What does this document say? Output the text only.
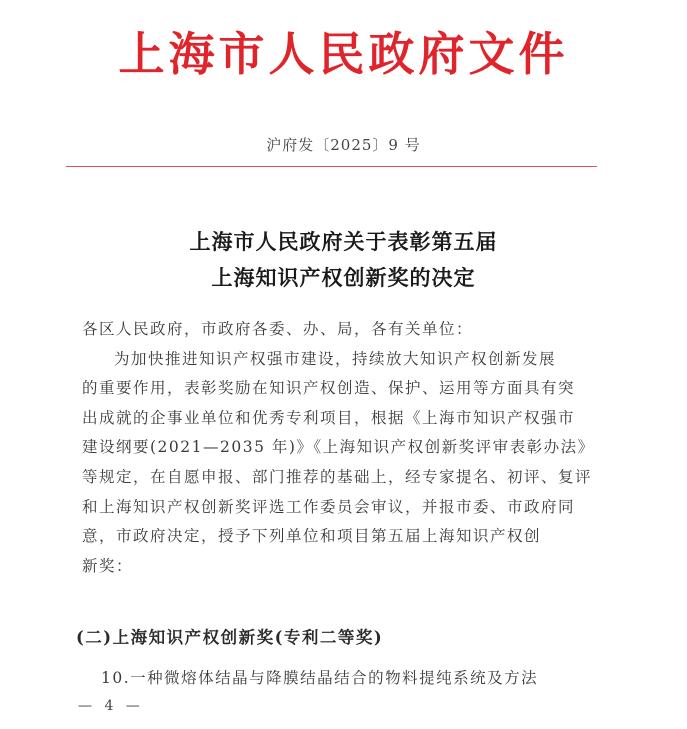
上海市人民政府文件
沪府发〔2025〕9 号
上海市人民政府关于表彰第五届
上海知识产权创新奖的决定
各区人民政府，市政府各委、办、局，各有关单位：
为加快推进知识产权强市建设，持续放大知识产权创新发展
的重要作用，表彰奖励在知识产权创造、保护、运用等方面具有突
出成就的企事业单位和优秀专利项目，根据《上海市知识产权强市
建设纲要(2021—2035 年)》《上海知识产权创新奖评审表彰办法》
等规定，在自愿申报、部门推荐的基础上，经专家提名、初评、复评
和上海知识产权创新奖评选工作委员会审议，并报市委、市政府同
意，市政府决定，授予下列单位和项目第五届上海知识产权创
新奖：
(二)上海知识产权创新奖(专利二等奖)
10.一种微熔体结晶与降膜结晶结合的物料提纯系统及方法
— 4 —
